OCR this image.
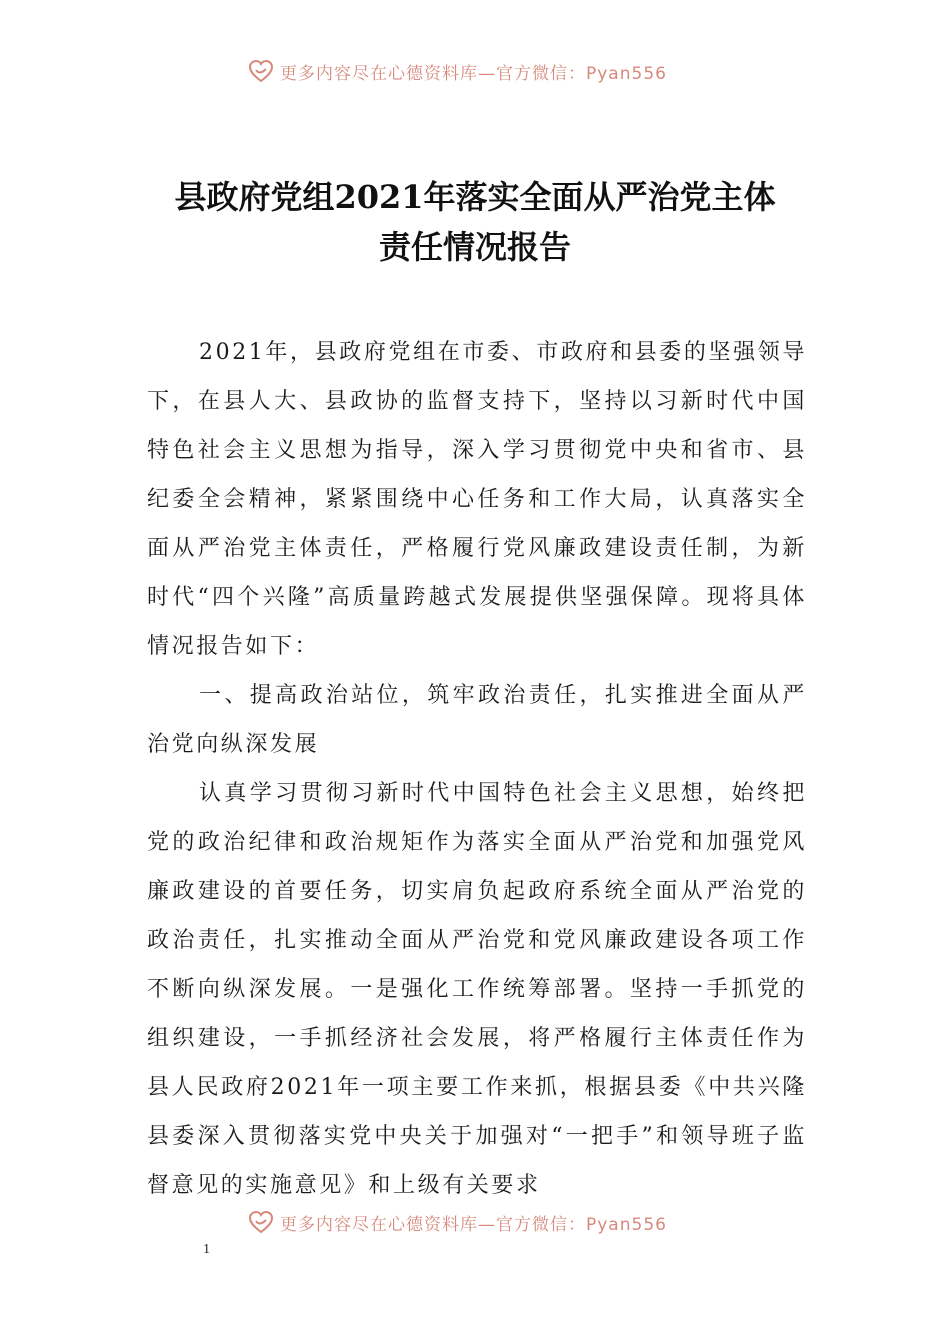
更多内容尽在心德资料库—官方微信：Pyan556
县政府党组2021年落实全面从严治党主体
责任情况报告

2021年，县政府党组在市委、市政府和县委的坚强领导下，在县人大、县政协的监督支持下，坚持以习新时代中国特色社会主义思想为指导，深入学习贯彻党中央和省市、县纪委全会精神，紧紧围绕中心任务和工作大局，认真落实全面从严治党主体责任，严格履行党风廉政建设责任制，为新时代“四个兴隆”高质量跨越式发展提供坚强保障。现将具体情况报告如下：

一、提高政治站位，筑牢政治责任，扎实推进全面从严治党向纵深发展

认真学习贯彻习新时代中国特色社会主义思想，始终把党的政治纪律和政治规矩作为落实全面从严治党和加强党风廉政建设的首要任务，切实肩负起政府系统全面从严治党的政治责任，扎实推动全面从严治党和党风廉政建设各项工作不断向纵深发展。一是强化工作统筹部署。坚持一手抓党的组织建设，一手抓经济社会发展，将严格履行主体责任作为县人民政府2021年一项主要工作来抓，根据县委《中共兴隆县委深入贯彻落实党中央关于加强对“一把手”和领导班子监督意见的实施意见》和上级有关要求

更多内容尽在心德资料库—官方微信：Pyan556
1
